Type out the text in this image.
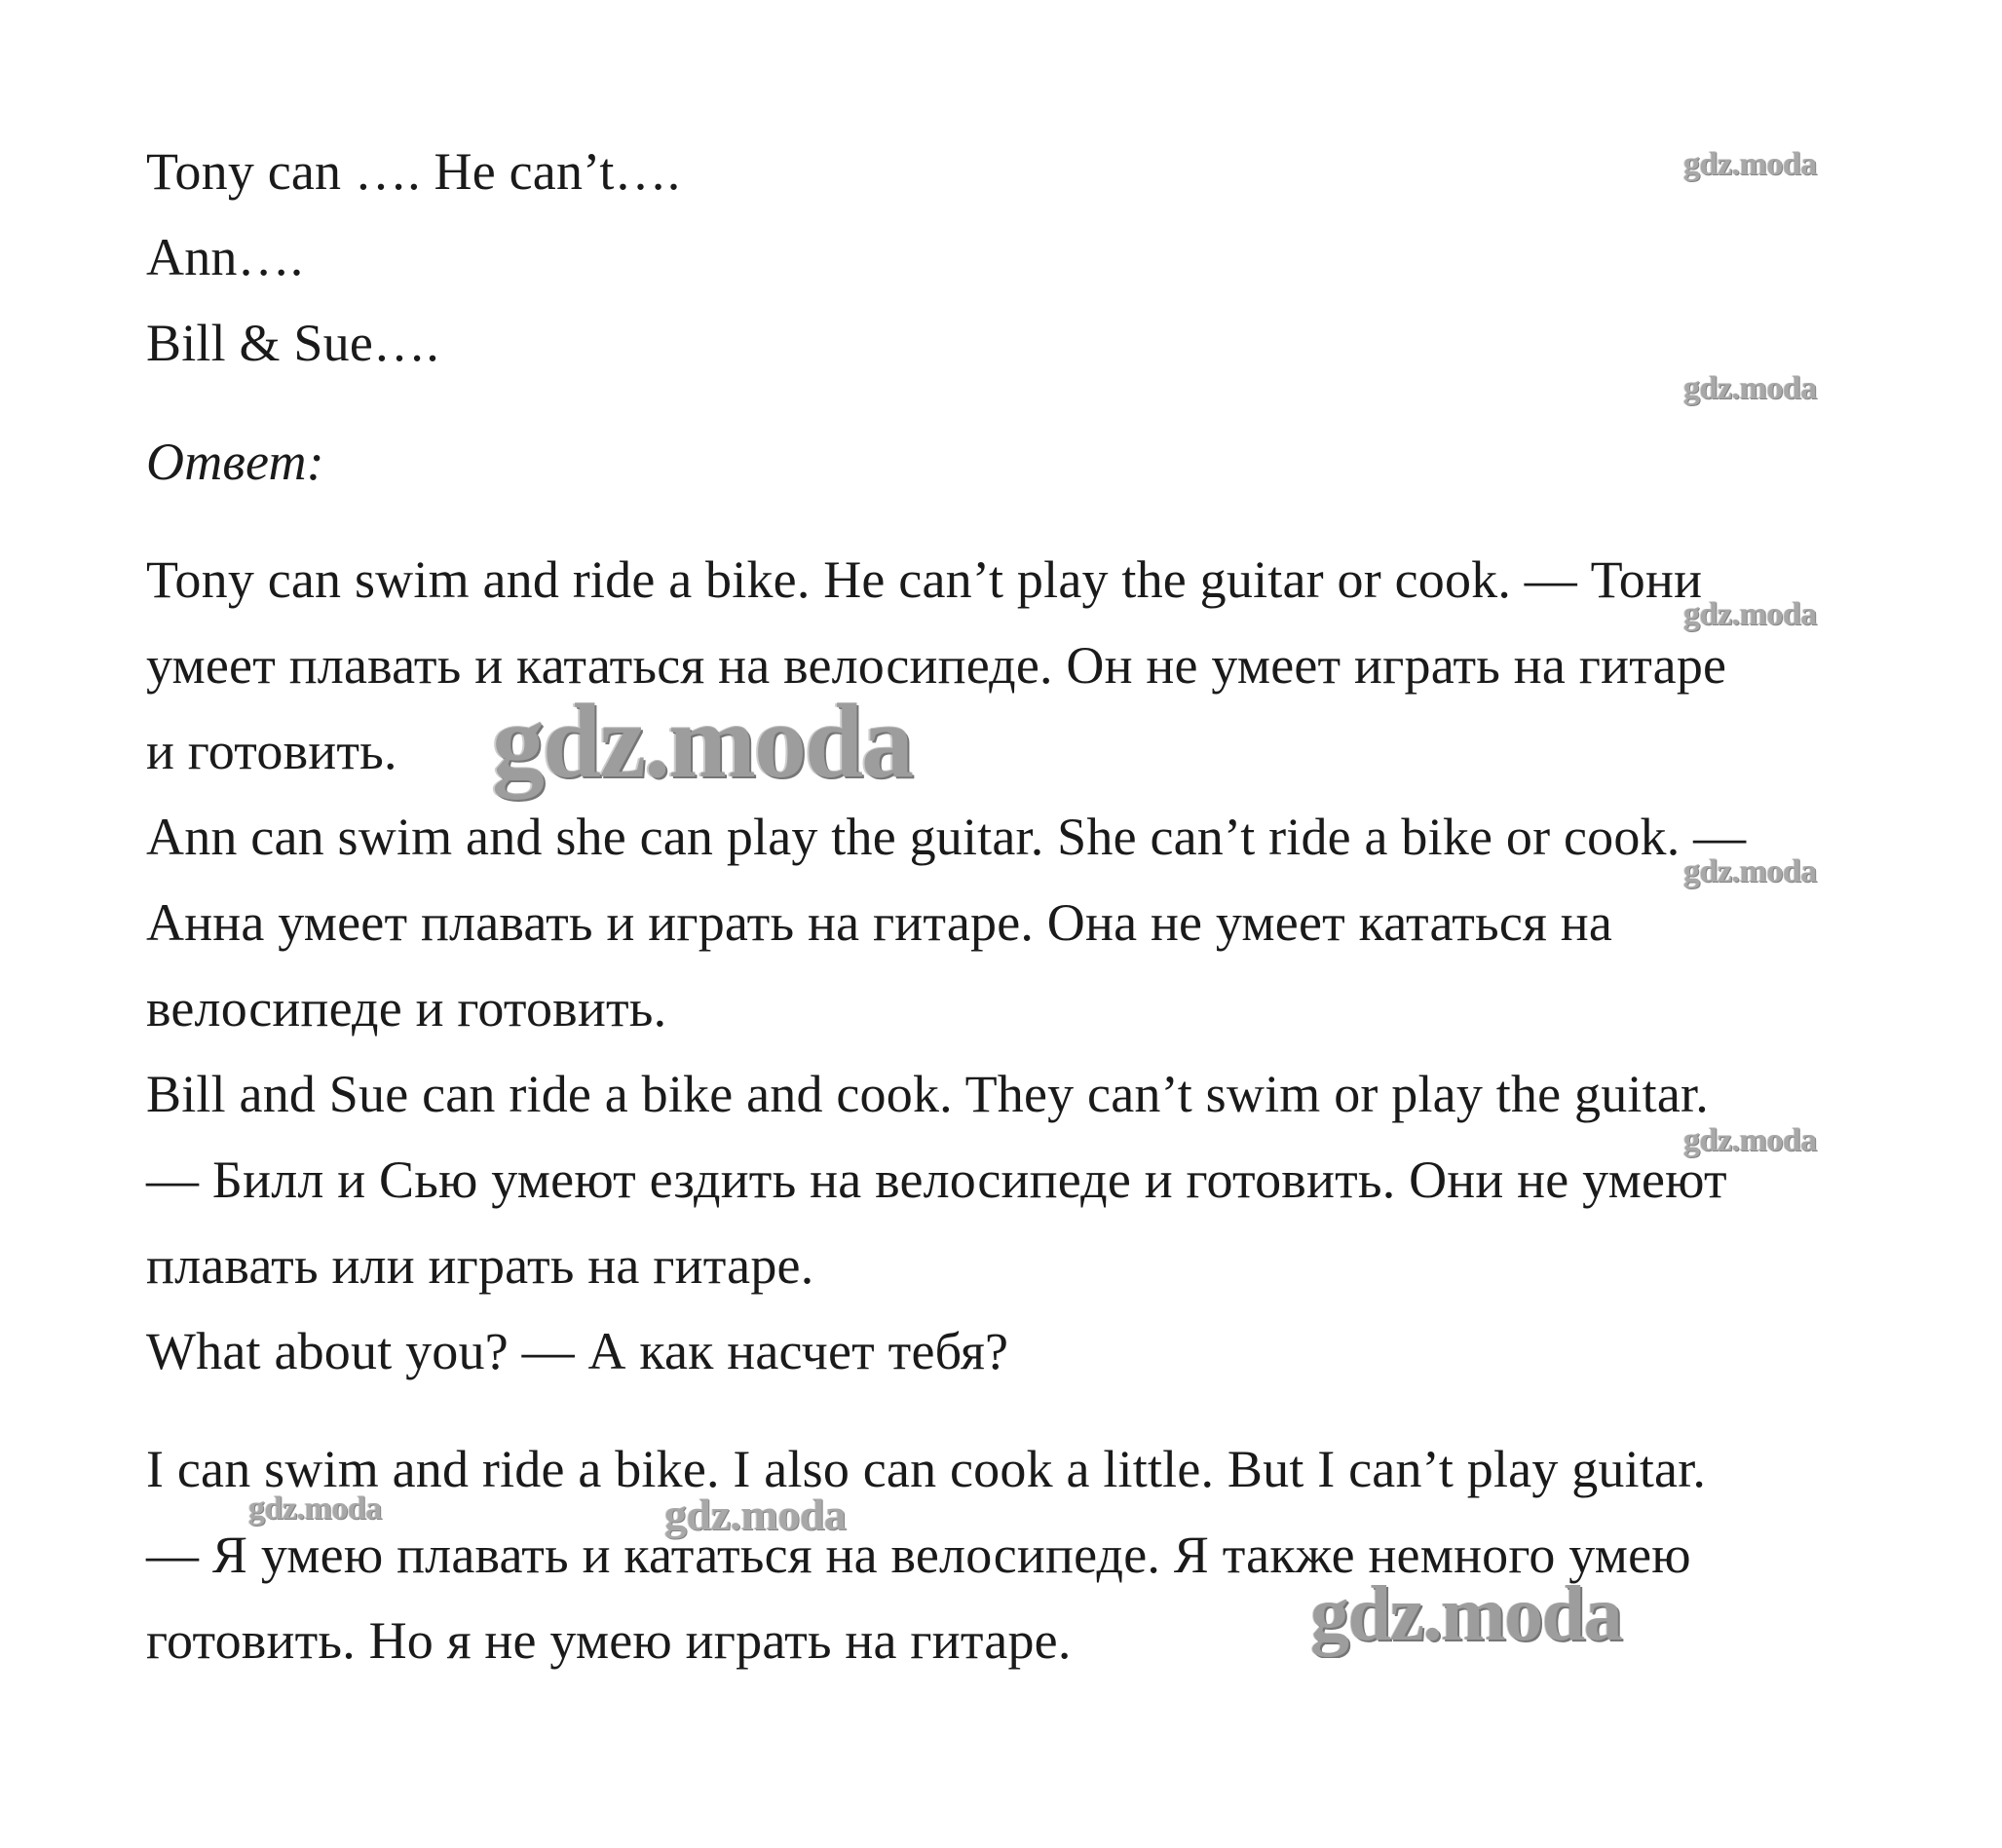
Tony can …. He can’t….
Ann….
Bill & Sue….
Ответ:
Tony can swim and ride a bike. He can’t play the guitar or cook. — Тони
умеет плавать и кататься на велосипеде. Он не умеет играть на гитаре
и готовить.
Ann can swim and she can play the guitar. She can’t ride a bike or cook. —
Анна умеет плавать и играть на гитаре. Она не умеет кататься на
велосипеде и готовить.
Bill and Sue can ride a bike and cook. They can’t swim or play the guitar.
— Билл и Сью умеют ездить на велосипеде и готовить. Они не умеют
плавать или играть на гитаре.
What about you? — А как насчет тебя?
I can swim and ride a bike. I also can cook a little. But I can’t play guitar.
— Я умею плавать и кататься на велосипеде. Я также немного умею
готовить. Но я не умею играть на гитаре.
gdz.moda
gdz.moda
gdz.moda
gdz.moda
gdz.moda
gdz.moda
gdz.moda	gdz.moda
gdz.moda
